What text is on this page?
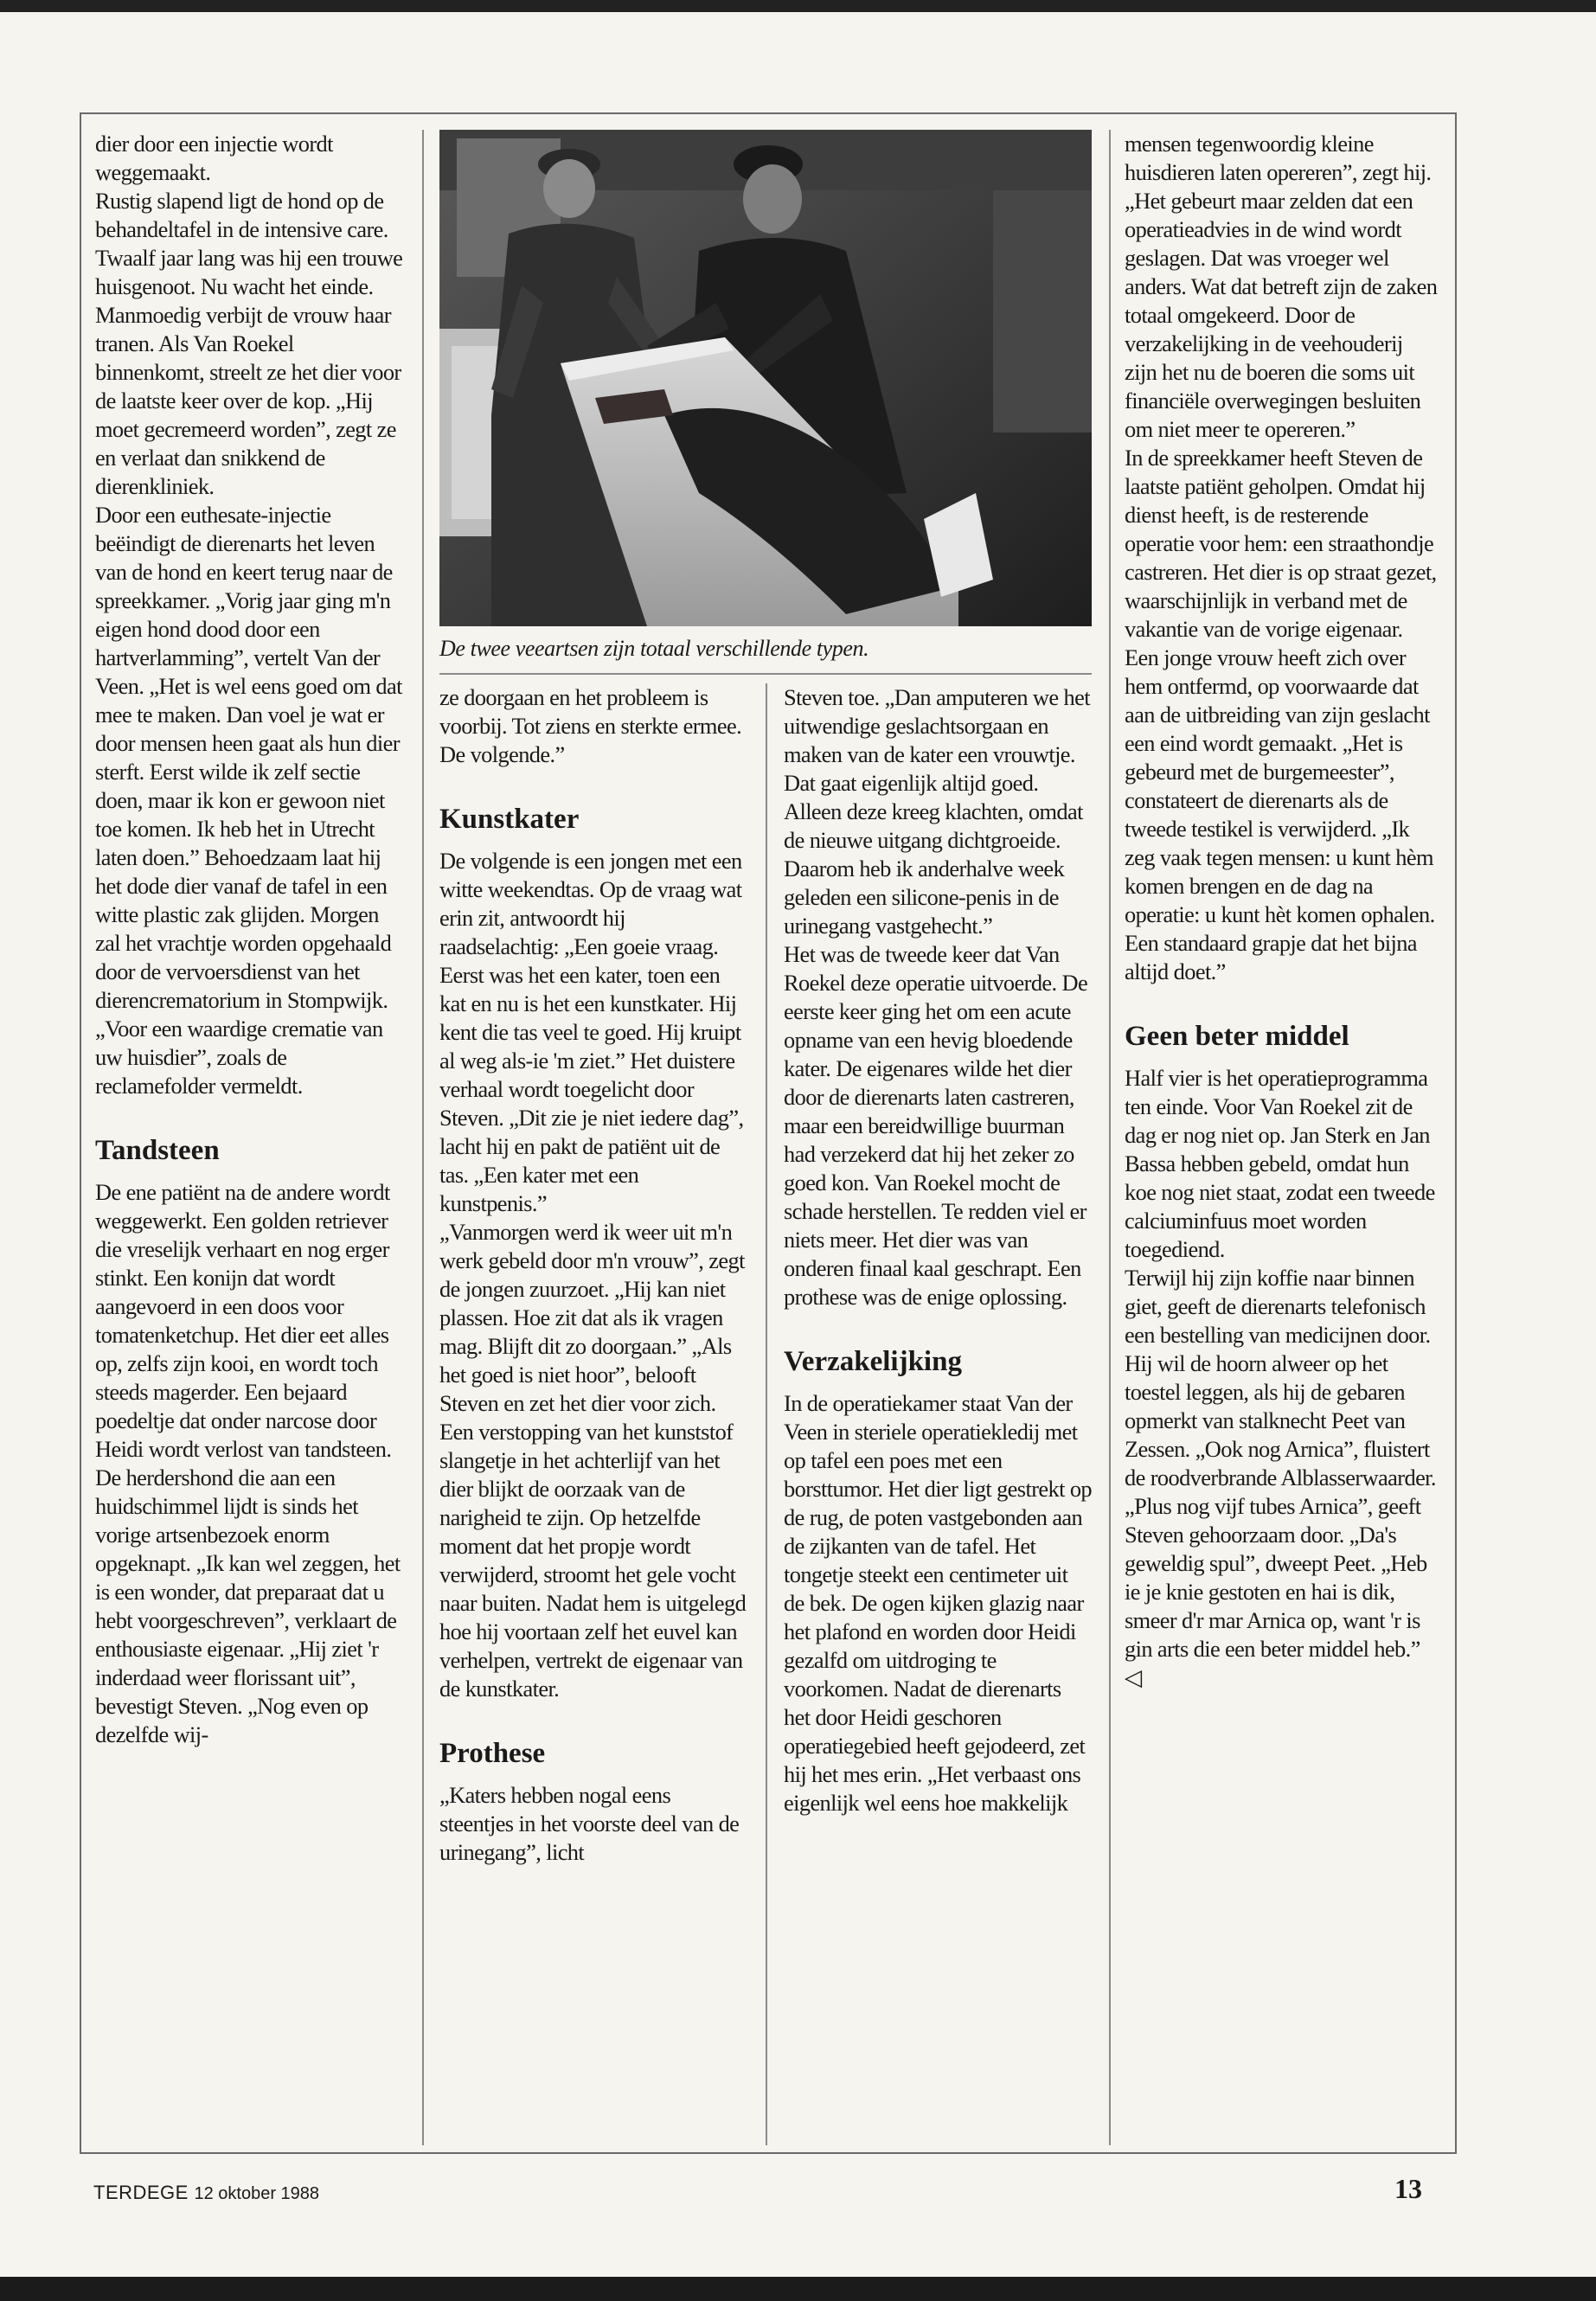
dier door een injectie wordt weggemaakt.

Rustig slapend ligt de hond op de behandeltafel in de intensive care. Twaalf jaar lang was hij een trouwe huisgenoot. Nu wacht het einde. Manmoedig verbijt de vrouw haar tranen. Als Van Roekel binnenkomt, streelt ze het dier voor de laatste keer over de kop. „Hij moet gecremeerd worden”, zegt ze en verlaat dan snikkend de dierenkliniek.

Door een euthesate-injectie beëindigt de dierenarts het leven van de hond en keert terug naar de spreekkamer. „Vorig jaar ging m'n eigen hond dood door een hartverlamming”, vertelt Van der Veen. „Het is wel eens goed om dat mee te maken. Dan voel je wat er door mensen heen gaat als hun dier sterft. Eerst wilde ik zelf sectie doen, maar ik kon er gewoon niet toe komen. Ik heb het in Utrecht laten doen.” Behoedzaam laat hij het dode dier vanaf de tafel in een witte plastic zak glijden. Morgen zal het vrachtje worden opgehaald door de vervoersdienst van het dierencrematorium in Stompwijk. „Voor een waardige crematie van uw huisdier”, zoals de reclamefolder vermeldt.

Tandsteen

De ene patiënt na de andere wordt weggewerkt. Een golden retriever die vreselijk verhaart en nog erger stinkt. Een konijn dat wordt aangevoerd in een doos voor tomatenketchup. Het dier eet alles op, zelfs zijn kooi, en wordt toch steeds magerder. Een bejaard poedeltje dat onder narcose door Heidi wordt verlost van tandsteen.

De herdershond die aan een huidschimmel lijdt is sinds het vorige artsenbezoek enorm opgeknapt. „Ik kan wel zeggen, het is een wonder, dat preparaat dat u hebt voorgeschreven”, verklaart de enthousiaste eigenaar. „Hij ziet 'r inderdaad weer florissant uit”, bevestigt Steven. „Nog even op dezelfde wij-

De twee veeartsen zijn totaal verschillende typen.

ze doorgaan en het probleem is voorbij. Tot ziens en sterkte ermee. De volgende.”

Kunstkater

De volgende is een jongen met een witte weekendtas. Op de vraag wat erin zit, antwoordt hij raadselachtig: „Een goeie vraag. Eerst was het een kater, toen een kat en nu is het een kunstkater. Hij kent die tas veel te goed. Hij kruipt al weg als-ie 'm ziet.” Het duistere verhaal wordt toegelicht door Steven. „Dit zie je niet iedere dag”, lacht hij en pakt de patiënt uit de tas. „Een kater met een kunstpenis.”

„Vanmorgen werd ik weer uit m'n werk gebeld door m'n vrouw”, zegt de jongen zuurzoet. „Hij kan niet plassen. Hoe zit dat als ik vragen mag. Blijft dit zo doorgaan.” „Als het goed is niet hoor”, belooft Steven en zet het dier voor zich. Een verstopping van het kunststof slangetje in het achterlijf van het dier blijkt de oorzaak van de narigheid te zijn. Op hetzelfde moment dat het propje wordt verwijderd, stroomt het gele vocht naar buiten. Nadat hem is uitgelegd hoe hij voortaan zelf het euvel kan verhelpen, vertrekt de eigenaar van de kunstkater.

Prothese

„Katers hebben nogal eens steentjes in het voorste deel van de urinegang”, licht

Steven toe. „Dan amputeren we het uitwendige geslachtsorgaan en maken van de kater een vrouwtje. Dat gaat eigenlijk altijd goed. Alleen deze kreeg klachten, omdat de nieuwe uitgang dichtgroeide. Daarom heb ik anderhalve week geleden een silicone-penis in de urinegang vastgehecht.”

Het was de tweede keer dat Van Roekel deze operatie uitvoerde. De eerste keer ging het om een acute opname van een hevig bloedende kater. De eigenares wilde het dier door de dierenarts laten castreren, maar een bereidwillige buurman had verzekerd dat hij het zeker zo goed kon. Van Roekel mocht de schade herstellen. Te redden viel er niets meer. Het dier was van onderen finaal kaal geschrapt. Een prothese was de enige oplossing.

Verzakelijking

In de operatiekamer staat Van der Veen in steriele operatiekledij met op tafel een poes met een borsttumor. Het dier ligt gestrekt op de rug, de poten vastgebonden aan de zijkanten van de tafel. Het tongetje steekt een centimeter uit de bek. De ogen kijken glazig naar het plafond en worden door Heidi gezalfd om uitdroging te voorkomen. Nadat de dierenarts het door Heidi geschoren operatiegebied heeft gejodeerd, zet hij het mes erin. „Het verbaast ons eigenlijk wel eens hoe makkelijk

mensen tegenwoordig kleine huisdieren laten opereren”, zegt hij. „Het gebeurt maar zelden dat een operatieadvies in de wind wordt geslagen. Dat was vroeger wel anders. Wat dat betreft zijn de zaken totaal omgekeerd. Door de verzakelijking in de veehouderij zijn het nu de boeren die soms uit financiële overwegingen besluiten om niet meer te opereren.”

In de spreekkamer heeft Steven de laatste patiënt geholpen. Omdat hij dienst heeft, is de resterende operatie voor hem: een straathondje castreren. Het dier is op straat gezet, waarschijnlijk in verband met de vakantie van de vorige eigenaar. Een jonge vrouw heeft zich over hem ontfermd, op voorwaarde dat aan de uitbreiding van zijn geslacht een eind wordt gemaakt. „Het is gebeurd met de burgemeester”, constateert de dierenarts als de tweede testikel is verwijderd. „Ik zeg vaak tegen mensen: u kunt hèm komen brengen en de dag na operatie: u kunt hèt komen ophalen. Een standaard grapje dat het bijna altijd doet.”

Geen beter middel

Half vier is het operatieprogramma ten einde. Voor Van Roekel zit de dag er nog niet op. Jan Sterk en Jan Bassa hebben gebeld, omdat hun koe nog niet staat, zodat een tweede calciuminfuus moet worden toegediend.

Terwijl hij zijn koffie naar binnen giet, geeft de dierenarts telefonisch een bestelling van medicijnen door. Hij wil de hoorn alweer op het toestel leggen, als hij de gebaren opmerkt van stalknecht Peet van Zessen. „Ook nog Arnica”, fluistert de roodverbrande Alblasserwaarder. „Plus nog vijf tubes Arnica”, geeft Steven gehoorzaam door. „Da's geweldig spul”, dweept Peet. „Heb ie je knie gestoten en hai is dik, smeer d'r mar Arnica op, want 'r is gin arts die een beter middel heb.” ◁

TERDEGE 12 oktober 1988	13
